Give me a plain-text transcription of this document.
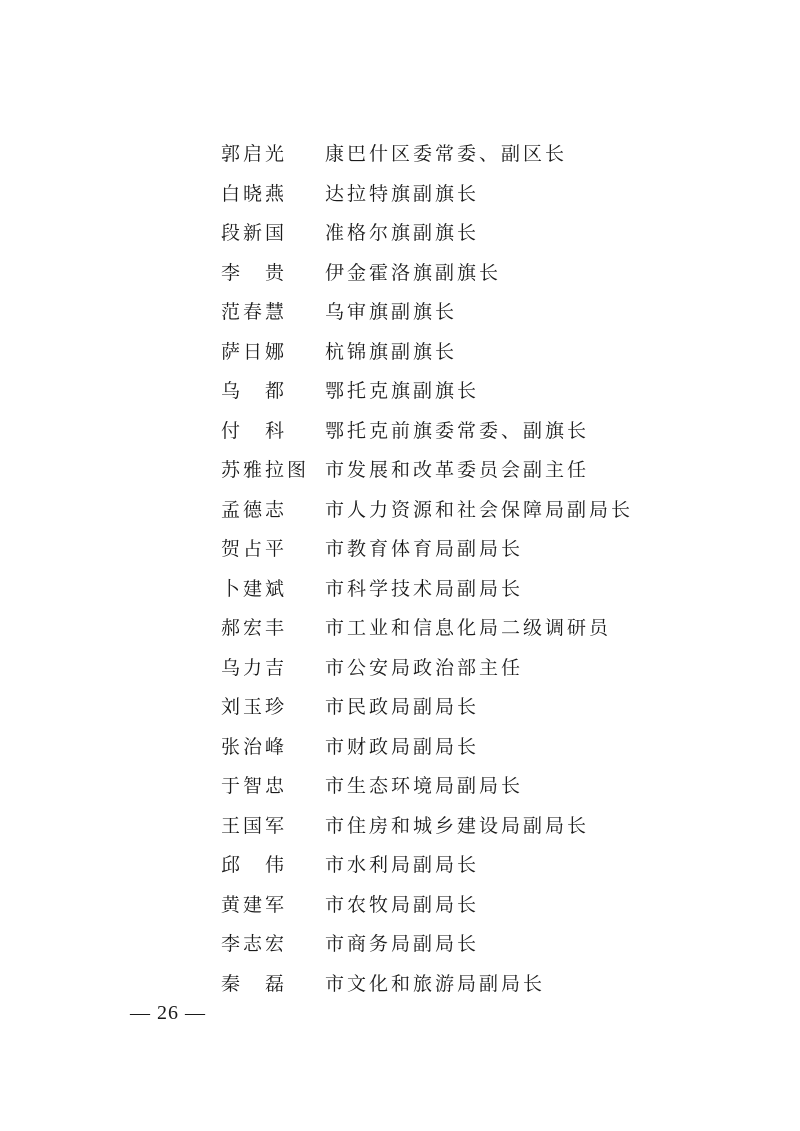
郭启光	康巴什区委常委、副区长
白晓燕	达拉特旗副旗长
段新国	准格尔旗副旗长
李贵 伊金霍洛旗副旗长
范春慧	乌审旗副旗长
萨日娜	杭锦旗副旗长
乌都 鄂托克旗副旗长
付科 鄂托克前旗委常委、副旗长
苏雅拉图 市发展和改革委员会副主任
孟德志	市人力资源和社会保障局副局长
贺占平	市教育体育局副局长
卜建斌	市科学技术局副局长
郝宏丰	市工业和信息化局二级调研员
乌力吉	市公安局政治部主任
刘玉珍	市民政局副局长
张治峰	市财政局副局长
于智忠	市生态环境局副局长
王国军	市住房和城乡建设局副局长
邱伟 市水利局副局长
黄建军	市农牧局副局长
李志宏	市商务局副局长
秦磊 市文化和旅游局副局长
— 26 —
